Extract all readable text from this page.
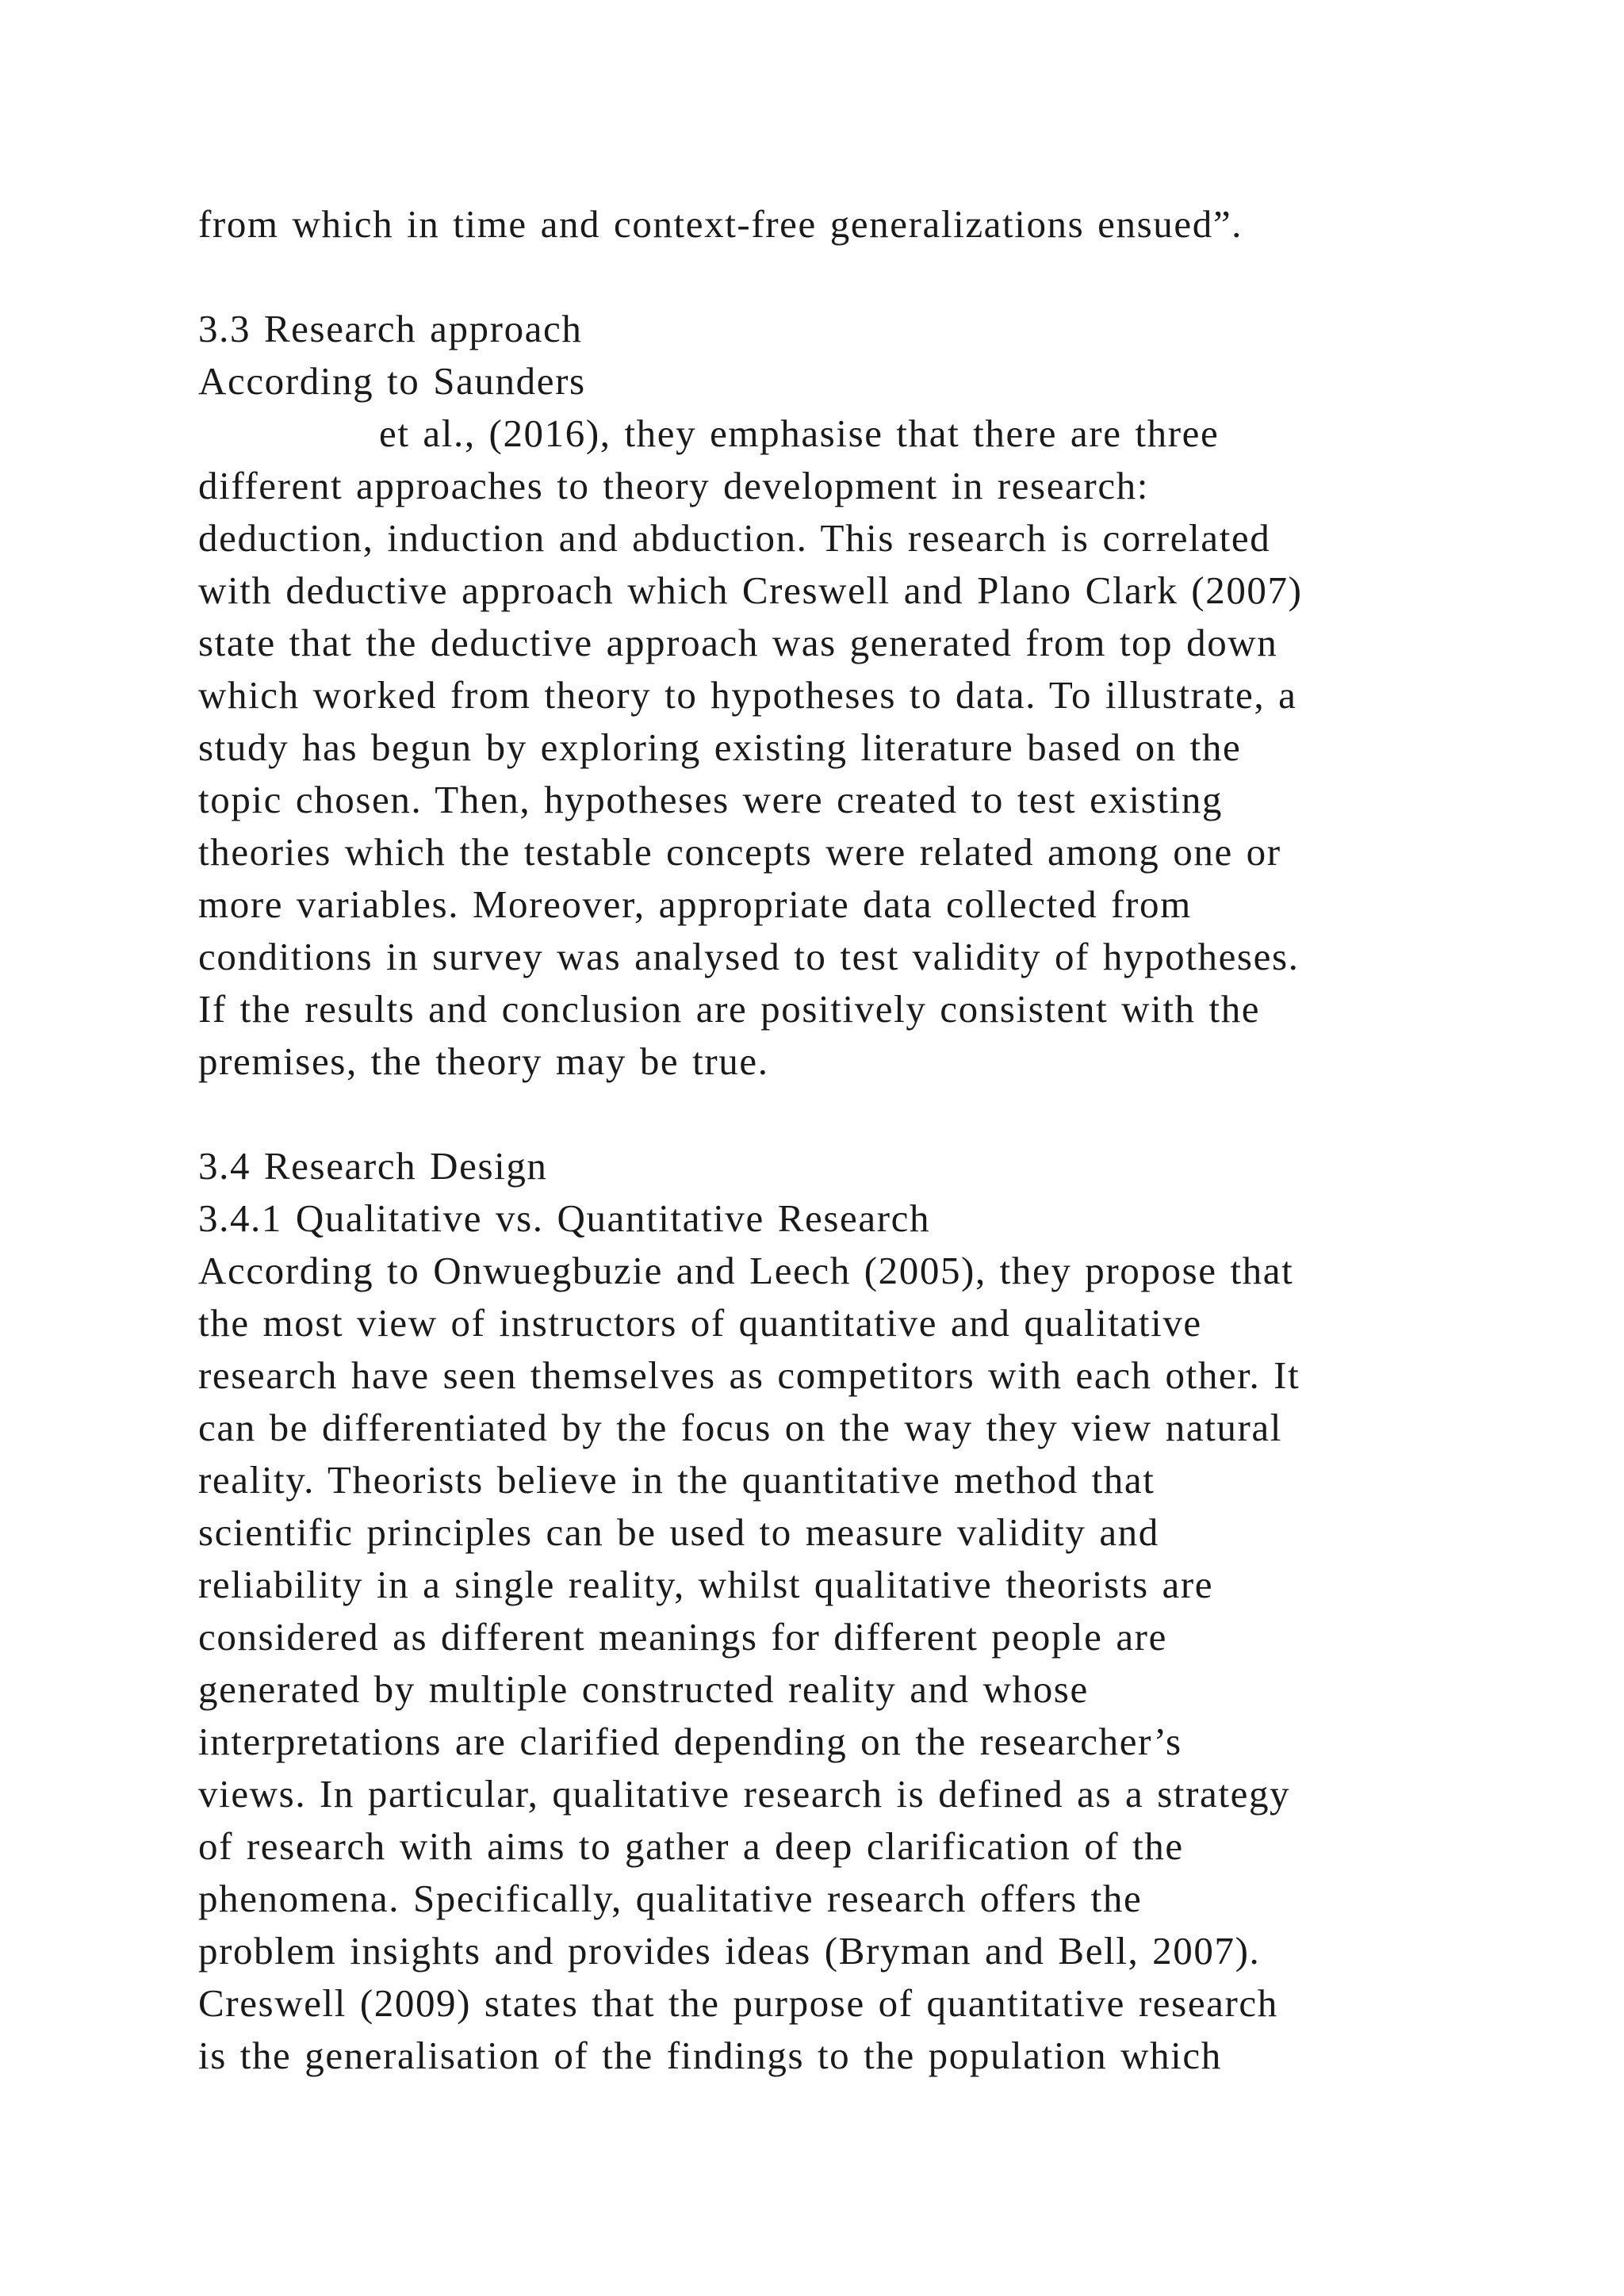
from which in time and context-free generalizations ensued”.
3.3 Research approach
According to Saunders
et al., (2016), they emphasise that there are three
different approaches to theory development in research:
deduction, induction and abduction. This research is correlated
with deductive approach which Creswell and Plano Clark (2007)
state that the deductive approach was generated from top down
which worked from theory to hypotheses to data. To illustrate, a
study has begun by exploring existing literature based on the
topic chosen. Then, hypotheses were created to test existing
theories which the testable concepts were related among one or
more variables. Moreover, appropriate data collected from
conditions in survey was analysed to test validity of hypotheses.
If the results and conclusion are positively consistent with the
premises, the theory may be true.
3.4 Research Design
3.4.1 Qualitative vs. Quantitative Research
According to Onwuegbuzie and Leech (2005), they propose that
the most view of instructors of quantitative and qualitative
research have seen themselves as competitors with each other. It
can be differentiated by the focus on the way they view natural
reality. Theorists believe in the quantitative method that
scientific principles can be used to measure validity and
reliability in a single reality, whilst qualitative theorists are
considered as different meanings for different people are
generated by multiple constructed reality and whose
interpretations are clarified depending on the researcher’s
views. In particular, qualitative research is defined as a strategy
of research with aims to gather a deep clarification of the
phenomena. Specifically, qualitative research offers the
problem insights and provides ideas (Bryman and Bell, 2007).
Creswell (2009) states that the purpose of quantitative research
is the generalisation of the findings to the population which
